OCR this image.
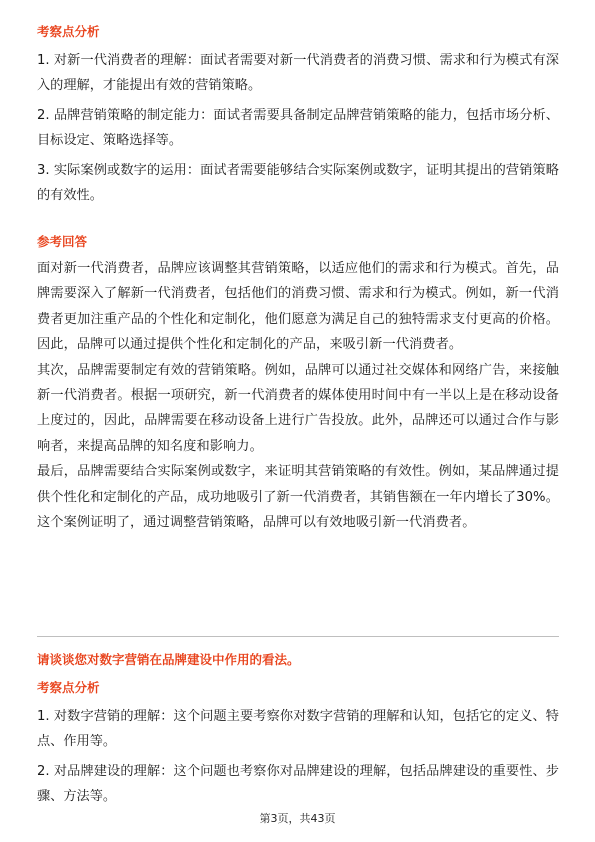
考察点分析

1. 对新一代消费者的理解：面试者需要对新一代消费者的消费习惯、需求和行为模式有深入的理解，才能提出有效的营销策略。

2. 品牌营销策略的制定能力：面试者需要具备制定品牌营销策略的能力，包括市场分析、目标设定、策略选择等。

3. 实际案例或数字的运用：面试者需要能够结合实际案例或数字，证明其提出的营销策略的有效性。

参考回答

面对新一代消费者，品牌应该调整其营销策略，以适应他们的需求和行为模式。首先，品牌需要深入了解新一代消费者，包括他们的消费习惯、需求和行为模式。例如，新一代消费者更加注重产品的个性化和定制化，他们愿意为满足自己的独特需求支付更高的价格。因此，品牌可以通过提供个性化和定制化的产品，来吸引新一代消费者。

其次，品牌需要制定有效的营销策略。例如，品牌可以通过社交媒体和网络广告，来接触新一代消费者。根据一项研究，新一代消费者的媒体使用时间中有一半以上是在移动设备上度过的，因此，品牌需要在移动设备上进行广告投放。此外，品牌还可以通过合作与影响者，来提高品牌的知名度和影响力。

最后，品牌需要结合实际案例或数字，来证明其营销策略的有效性。例如，某品牌通过提供个性化和定制化的产品，成功地吸引了新一代消费者，其销售额在一年内增长了30%。这个案例证明了，通过调整营销策略，品牌可以有效地吸引新一代消费者。

请谈谈您对数字营销在品牌建设中作用的看法。
考察点分析

1. 对数字营销的理解：这个问题主要考察你对数字营销的理解和认知，包括它的定义、特点、作用等。

2. 对品牌建设的理解：这个问题也考察你对品牌建设的理解，包括品牌建设的重要性、步骤、方法等。

第3页，共43页
